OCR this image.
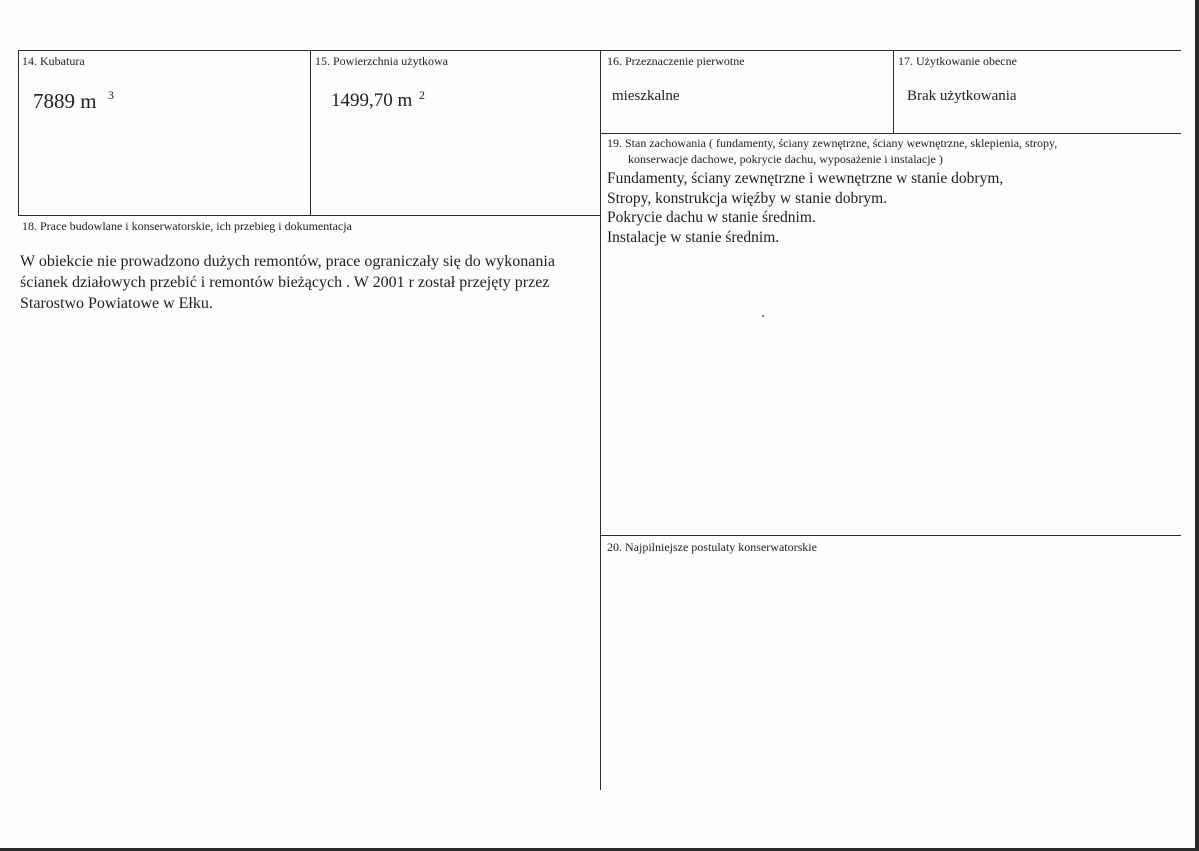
14. Kubatura
7889 m $^3$
15. Powierzchnia użytkowa
1499,70 m $^2$
16. Przeznaczenie pierwotne
mieszkalne
17. Użytkowanie obecne
Brak użytkowania
19. Stan zachowania ( fundamenty, ściany zewnętrzne, ściany wewnętrzne, sklepienia, stropy,
konserwacje dachowe, pokrycie dachu, wyposażenie i instalacje )

Fundamenty, ściany zewnętrzne i wewnętrzne w stanie dobrym,

Stropy, konstrukcja więźby w stanie dobrym.

Pokrycie dachu w stanie średnim.

Instalacje w stanie średnim.

18. Prace budowlane i konserwatorskie, ich przebieg i dokumentacja

W obiekcie nie prowadzono dużych remontów, prace ograniczały się do wykonania

ścianek działowych przebić i remontów bieżących . W 2001 r został przejęty przez

Starostwo Powiatowe w Ełku.

20. Najpilniejsze postulaty konserwatorskie
